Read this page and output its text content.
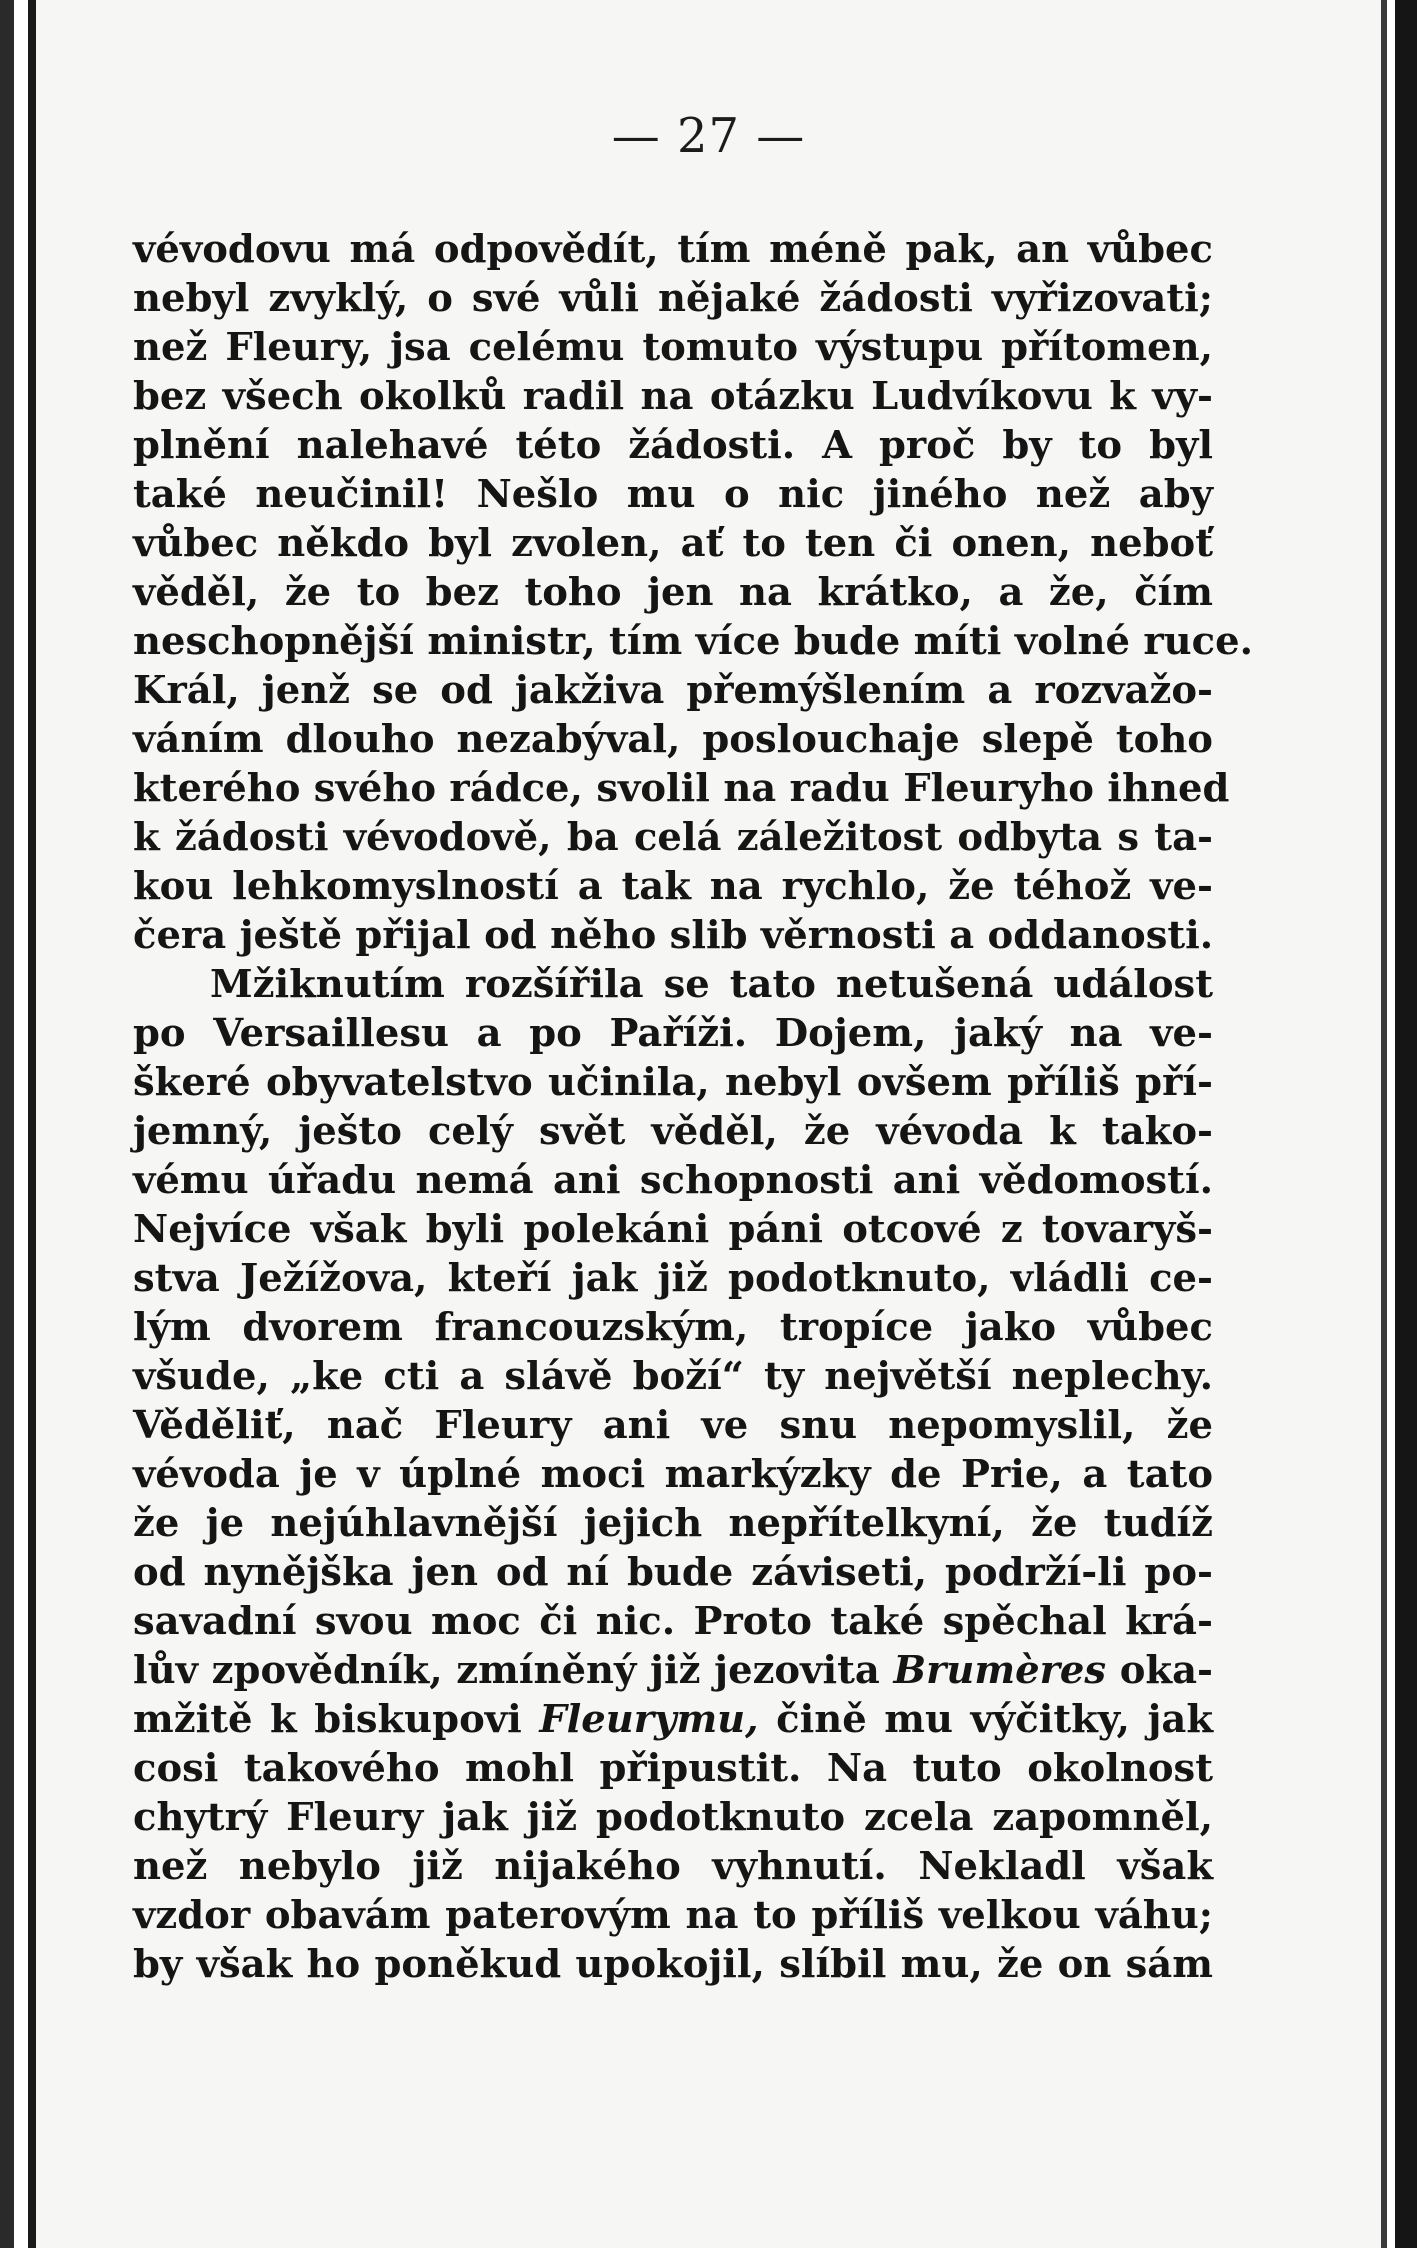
— 27 —
vévodovu má odpovědít, tím méně pak, an vůbec
nebyl zvyklý, o své vůli nějaké žádosti vyřizovati;
než Fleury, jsa celému tomuto výstupu přítomen,
bez všech okolků radil na otázku Ludvíkovu k vy-
plnění nalehavé této žádosti. A proč by to byl
také neučinil! Nešlo mu o nic jiného než aby
vůbec někdo byl zvolen, ať to ten či onen, neboť
věděl, že to bez toho jen na krátko, a že, čím
neschopnější ministr, tím více bude míti volné ruce.
Král, jenž se od jakživa přemýšlením a rozvažo-
váním dlouho nezabýval, poslouchaje slepě toho
kterého svého rádce, svolil na radu Fleuryho ihned
k žádosti vévodově, ba celá záležitost odbyta s ta-
kou lehkomyslností a tak na rychlo, že téhož ve-
čera ještě přijal od něho slib věrnosti a oddanosti.
Mžiknutím rozšířila se tato netušená událost
po Versaillesu a po Paříži. Dojem, jaký na ve-
škeré obyvatelstvo učinila, nebyl ovšem příliš pří-
jemný, ješto celý svět věděl, že vévoda k tako-
vému úřadu nemá ani schopnosti ani vědomostí.
Nejvíce však byli polekáni páni otcové z tovaryš-
stva Ježížova, kteří jak již podotknuto, vládli ce-
lým dvorem francouzským, tropíce jako vůbec
všude, „ke cti a slávě boží“ ty největší neplechy.
Věděliť, nač Fleury ani ve snu nepomyslil, že
vévoda je v úplné moci markýzky de Prie, a tato
že je nejúhlavnější jejich nepřítelkyní, že tudíž
od nynějška jen od ní bude záviseti, podrží-li po-
savadní svou moc či nic. Proto také spěchal krá-
lův zpovědník, zmíněný již jezovita Brumères oka-
mžitě k biskupovi Fleurymu, čině mu výčitky, jak
cosi takového mohl připustit. Na tuto okolnost
chytrý Fleury jak již podotknuto zcela zapomněl,
než nebylo již nijakého vyhnutí. Nekladl však
vzdor obavám paterovým na to příliš velkou váhu;
by však ho poněkud upokojil, slíbil mu, že on sám
